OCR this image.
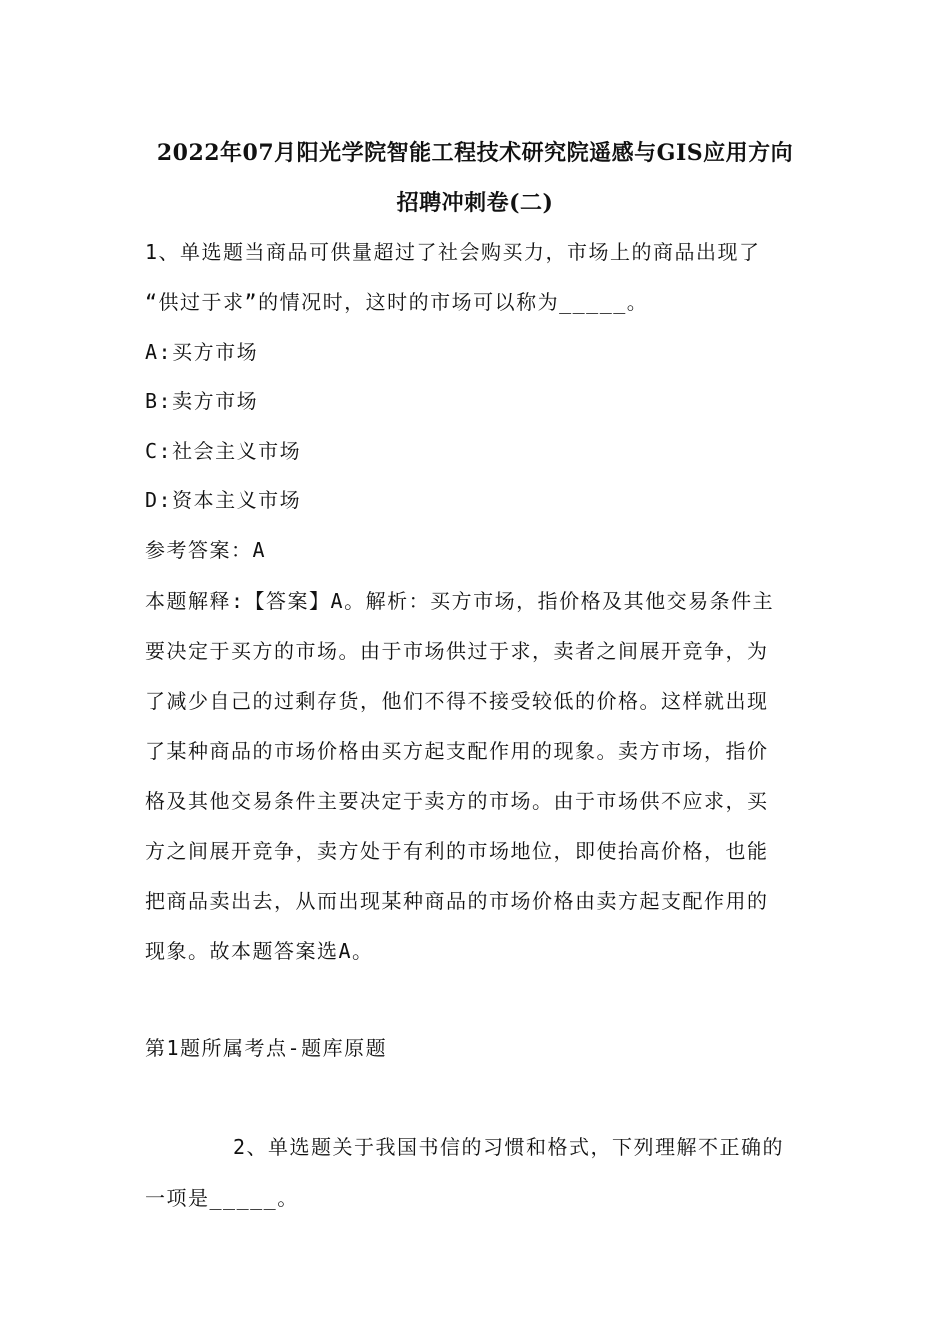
2022年07月阳光学院智能工程技术研究院遥感与GIS应用方向
招聘冲刺卷(二)
1、单选题当商品可供量超过了社会购买力，市场上的商品出现了
“供过于求”的情况时，这时的市场可以称为_____。
A:买方市场
B:卖方市场
C:社会主义市场
D:资本主义市场
参考答案：A
本题解释:【答案】A。解析：买方市场，指价格及其他交易条件主
要决定于买方的市场。由于市场供过于求，卖者之间展开竞争，为
了减少自己的过剩存货，他们不得不接受较低的价格。这样就出现
了某种商品的市场价格由买方起支配作用的现象。卖方市场，指价
格及其他交易条件主要决定于卖方的市场。由于市场供不应求，买
方之间展开竞争，卖方处于有利的市场地位，即使抬高价格，也能
把商品卖出去，从而出现某种商品的市场价格由卖方起支配作用的
现象。故本题答案选A。
第1题所属考点-题库原题
2、单选题关于我国书信的习惯和格式，下列理解不正确的
一项是_____。
